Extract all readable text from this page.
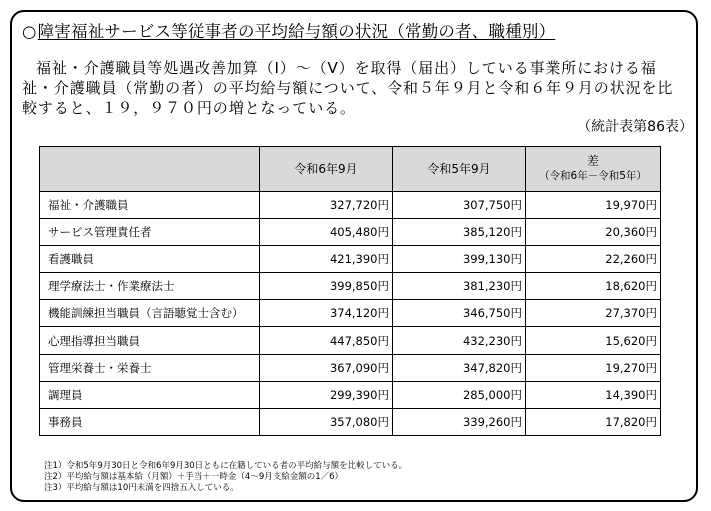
○障害福祉サービス等従事者の平均給与額の状況（常勤の者、職種別）
福祉・介護職員等処遇改善加算（Ⅰ）～（Ⅴ）を取得（届出）している事業所における福
祉・介護職員（常勤の者）の平均給与額について、令和５年９月と令和６年９月の状況を比
較すると、１９，９７０円の増となっている。
（統計表第86表）
	令和6年9月	令和5年9月	差
（令和6年－令和5年）

福祉・介護職員	327,720円	307,750円	19,970円
サービス管理責任者	405,480円	385,120円	20,360円
看護職員	421,390円	399,130円	22,260円
理学療法士・作業療法士	399,850円	381,230円	18,620円
機能訓練担当職員（言語聴覚士含む）	374,120円	346,750円	27,370円
心理指導担当職員	447,850円	432,230円	15,620円
管理栄養士・栄養士	367,090円	347,820円	19,270円
調理員	299,390円	285,000円	14,390円
事務員	357,080円	339,260円	17,820円
注1）令和5年9月30日と令和6年9月30日ともに在籍している者の平均給与額を比較している。
注2）平均給与額は基本給（月額）＋手当＋一時金（4～9月支給金額の1／6）
注3）平均給与額は10円未満を四捨五入している。
